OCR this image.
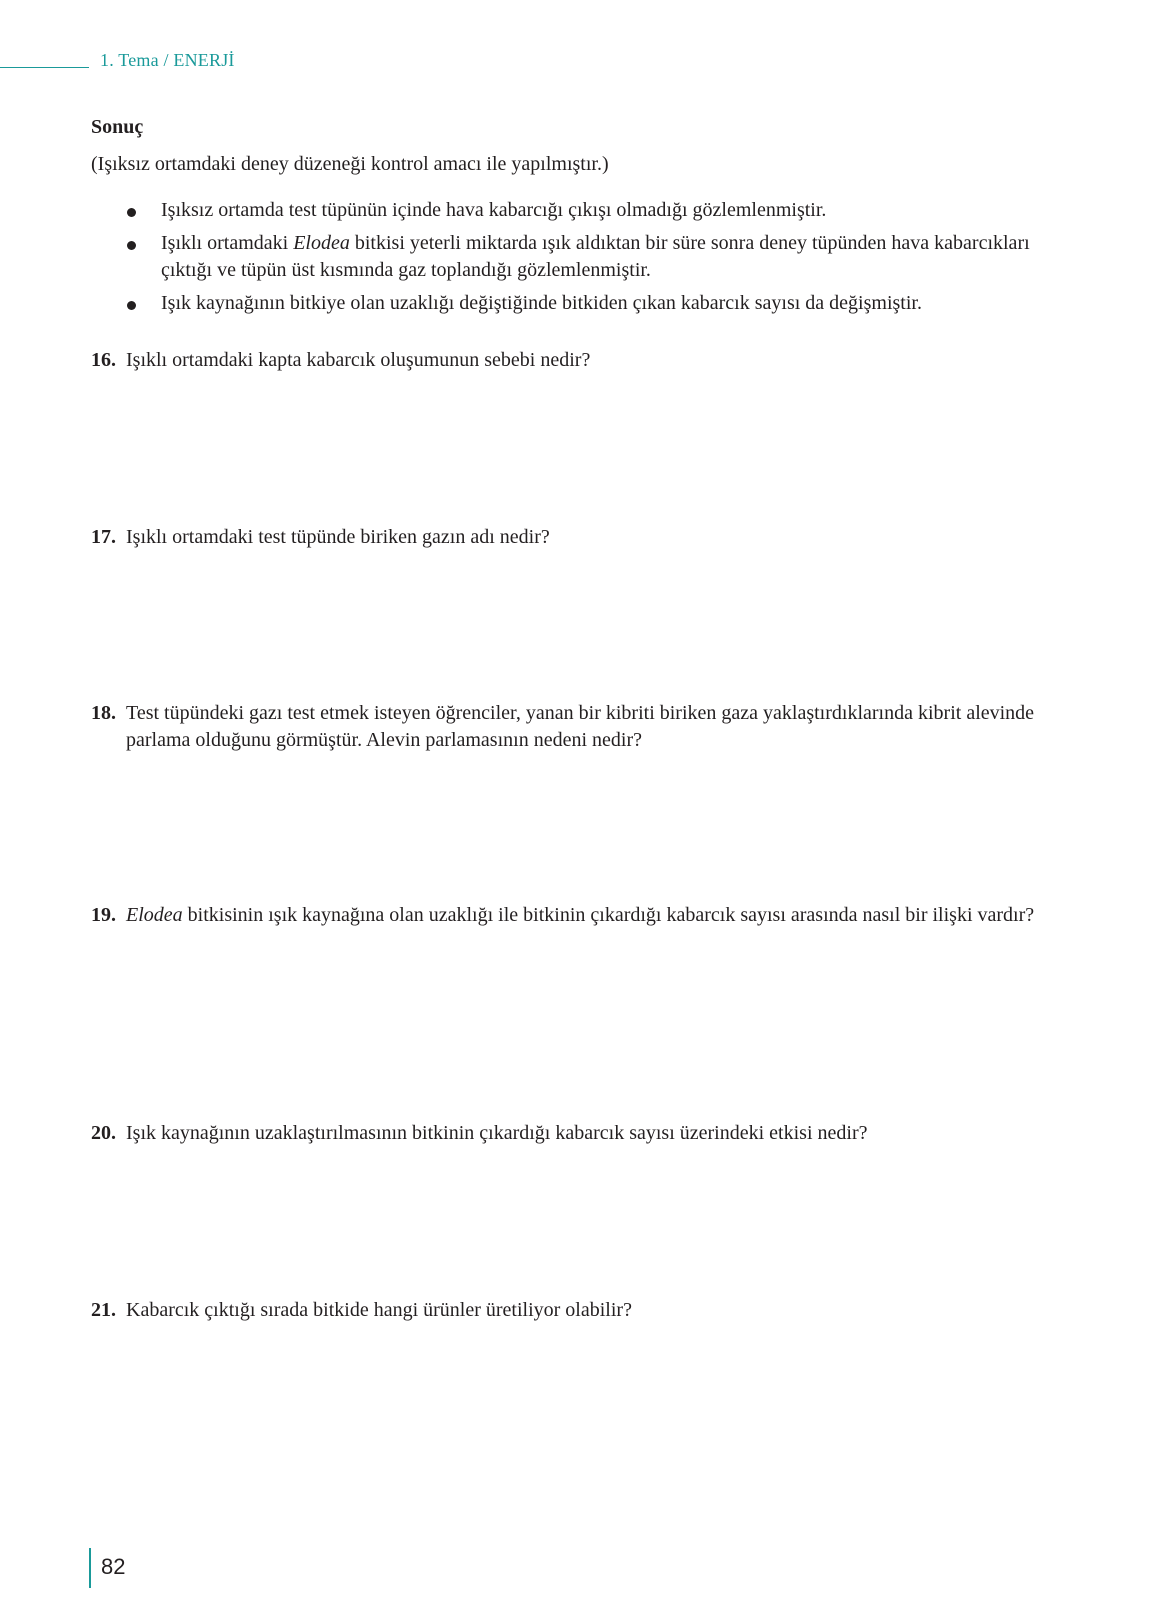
1. Tema / ENERJİ
Sonuç
(Işıksız ortamdaki deney düzeneği kontrol amacı ile yapılmıştır.)
Işıksız ortamda test tüpünün içinde hava kabarcığı çıkışı olmadığı gözlemlenmiştir.
Işıklı ortamdaki Elodea bitkisi yeterli miktarda ışık aldıktan bir süre sonra deney tüpünden hava kabarcıkları çıktığı ve tüpün üst kısmında gaz toplandığı gözlemlenmiştir.
Işık kaynağının bitkiye olan uzaklığı değiştiğinde bitkiden çıkan kabarcık sayısı da değişmiştir.
16. Işıklı ortamdaki kapta kabarcık oluşumunun sebebi nedir?
17. Işıklı ortamdaki test tüpünde biriken gazın adı nedir?
18. Test tüpündeki gazı test etmek isteyen öğrenciler, yanan bir kibriti biriken gaza yaklaştırdıklarında kibrit alevinde parlama olduğunu görmüştür. Alevin parlamasının nedeni nedir?
19. Elodea bitkisinin ışık kaynağına olan uzaklığı ile bitkinin çıkardığı kabarcık sayısı arasında nasıl bir ilişki vardır?
20. Işık kaynağının uzaklaştırılmasının bitkinin çıkardığı kabarcık sayısı üzerindeki etkisi nedir?
21. Kabarcık çıktığı sırada bitkide hangi ürünler üretiliyor olabilir?
82
